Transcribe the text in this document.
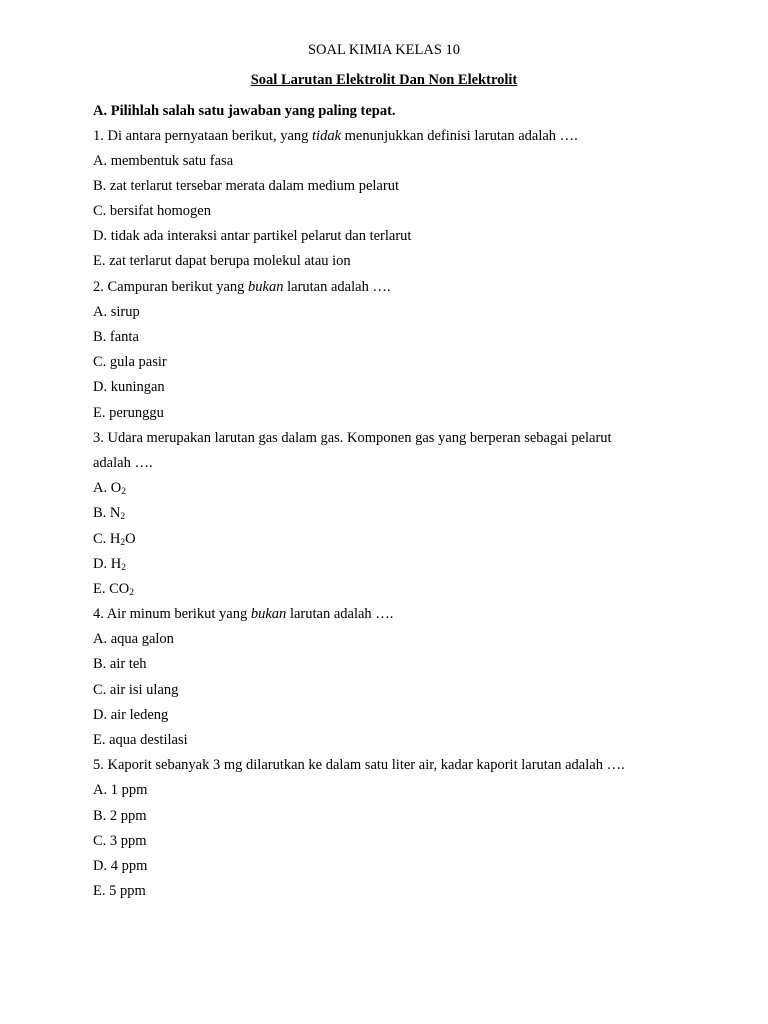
SOAL KIMIA KELAS 10
Soal Larutan Elektrolit Dan Non Elektrolit
A. Pilihlah salah satu jawaban yang paling tepat.
1. Di antara pernyataan berikut, yang tidak menunjukkan definisi larutan adalah ….
A. membentuk satu fasa
B. zat terlarut tersebar merata dalam medium pelarut
C. bersifat homogen
D. tidak ada interaksi antar partikel pelarut dan terlarut
E. zat terlarut dapat berupa molekul atau ion
2. Campuran berikut yang bukan larutan adalah ….
A. sirup
B. fanta
C. gula pasir
D. kuningan
E. perunggu
3. Udara merupakan larutan gas dalam gas. Komponen gas yang berperan sebagai pelarut
adalah ….
A. $O_2$
B. $N_2$
C. $H_2O$
D. $H_2$
E. $CO_2$
4. Air minum berikut yang bukan larutan adalah ….
A. aqua galon
B. air teh
C. air isi ulang
D. air ledeng
E. aqua destilasi
5. Kaporit sebanyak 3 mg dilarutkan ke dalam satu liter air, kadar kaporit larutan adalah ….
A. 1 ppm
B. 2 ppm
C. 3 ppm
D. 4 ppm
E. 5 ppm
